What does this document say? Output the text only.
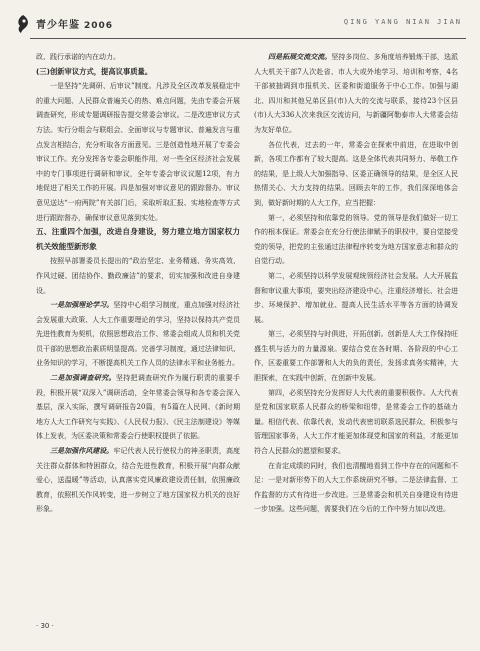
青少年鉴 2006	QING YANG NIAN JIAN

政、践行承诺的内在动力。

(三)创新审议方式，提高议事质量。

一是坚持“先调研、后审议”制度。凡涉及全区改革发展稳定中的重大问题、人民群众普遍关心的热、难点问题，先由专委会开展调查研究，形成专题调研报告提交常委会审议。二是改进审议方式方法。实行分组会与联组会、全面审议与专题审议、普遍发言与重点发言相结合，充分听取各方面意见。三是创造性地开展了专委会审议工作。充分发挥各专委会职能作用，对一些全区经济社会发展中的专门事项进行调研和审议，全年专委会审议议题12项，有力地促进了相关工作的开展。四是加强对审议意见的跟踪督办。审议意见送达“一府两院”有关部门后，采取听取汇报、实地检查等方式进行跟踪督办，确保审议意见落到实处。

五、注重四个加强，改进自身建设，努力建立地方国家权力机关效能型新形象

按照早部署委员长提出的“政治坚定、业务精通、务实高效、作风过硬、团结协作、勤政廉洁”的要求，切实加强和改进自身建设。

一是加强理论学习。坚持中心组学习制度，重点加强对经济社会发展重大政策、人大工作重要理论的学习，坚持以保持共产党员先进性教育为契机，依照思想政治工作、常委会组成人员和机关党员干部的思想政治素质明显提高。完善学习制度，通过法律知识、业务知识的学习，不断提高机关工作人员的法律水平和业务能力。

二是加强调查研究。坚持把调查研究作为履行职责的重要手段，积极开展“双深入”调研活动，全年常委会领导和各专委会深入基层，深入实际，撰写调研报告20篇，有5篇在人民网、《新时期地方人大工作研究与实践》、《人民权力报》、《民主法制建设》等媒体上发表，为区委决策和常委会行使职权提供了依据。

三是加强作风建设。牢记代表人民行使权力的神圣职责，高度关注群众群体和特困群众，结合先进性教育，积极开展“向群众献爱心，送温暖”等活动，认真落实党风廉政建设责任制，依照廉政教育，依照机关作风转变，进一步树立了地方国家权力机关的良好形象。

四是拓展交流交流。坚持多岗位、多角度培养锻炼干部，选派人大机关干部7人次赴省、市人大或外地学习、培训和考察，4名干部被抽调到市报机关、区委和街道服务于中心工作。加强与湖北、四川和其他兄弟区县(市)人大的交流与联系，接待23个区县(市)人大336人次来我区交流访问，与新疆阿勒泰市人大常委会结为友好单位。

各位代表，过去的一年，常委会在探索中前进，在进取中创新，各项工作都有了较大提高。这是全体代表共同努力、举敬工作的结果，是上级人大加强指导、区委正确领导的结果，是全区人民热情关心、大力支持的结果。回顾去年的工作，我们深深地体会到，做好新时期的人大工作，应当把握：

第一，必须坚持和依靠党的领导。党的领导是我们做好一切工作的根本保证。常委会在充分行使法律赋予的职权中，要自觉接受党的领导，把党的主张通过法律程序转变为地方国家意志和群众的自觉行动。

第二，必须坚持以科学发展观统领经济社会发展。人大开展监督和审议重大事项，要突出经济建设中心，注重经济增长、社会进步、环境保护、增加就业、提高人民生活水平等各方面的协调发展。

第三，必须坚持与时俱进，开拓创新。创新是人大工作保持旺盛生机与活力的力量源泉。要结合党在各时期、各阶段的中心工作，区委重要工作部署和人大的负的责任，发扬求真务实精神，大胆探索，在实践中创新，在创新中发展。

第四，必须坚持充分发挥好人大代表的重要积极作。人大代表是党和国家联系人民群众的桥梁和纽带，是常委会工作的基础力量。相信代表、依靠代表，发动代表密切联系选民群众，积极参与管理国家事务，人大工作才能更加体现党和国家的利益，才能更加符合人民群众的愿望和要求。

在肯定成绩的同时，我们也清醒地看到工作中存在的问题和不足：一是对新形势下的人大工作系统研究不够。二是法律监督、工作监督的方式有待进一步改进。三是常委会和机关自身建设有待进一步加强。这些问题，需要我们在今后的工作中努力加以改进。

· 30 ·
